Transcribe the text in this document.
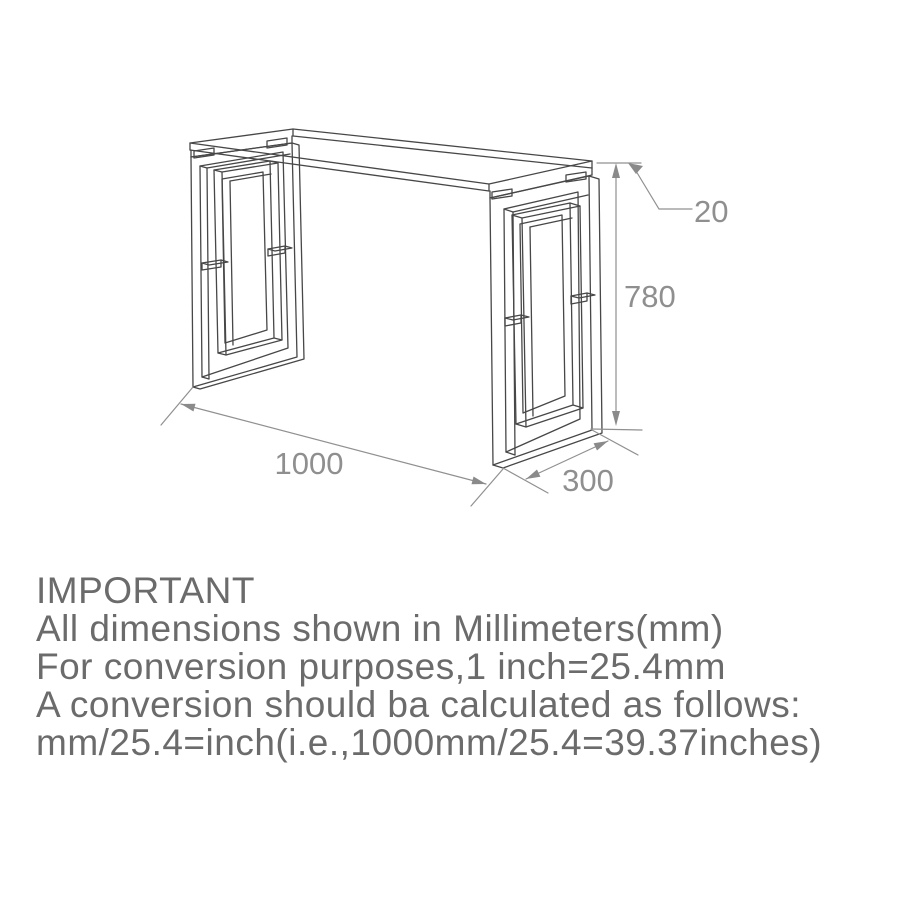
20
780
1000	300
IMPORTANT
All dimensions shown in Millimeters(mm)
For conversion purposes,1 inch=25.4mm
A conversion should ba calculated as follows:
mm/25.4=inch(i.e.,1000mm/25.4=39.37inches)
